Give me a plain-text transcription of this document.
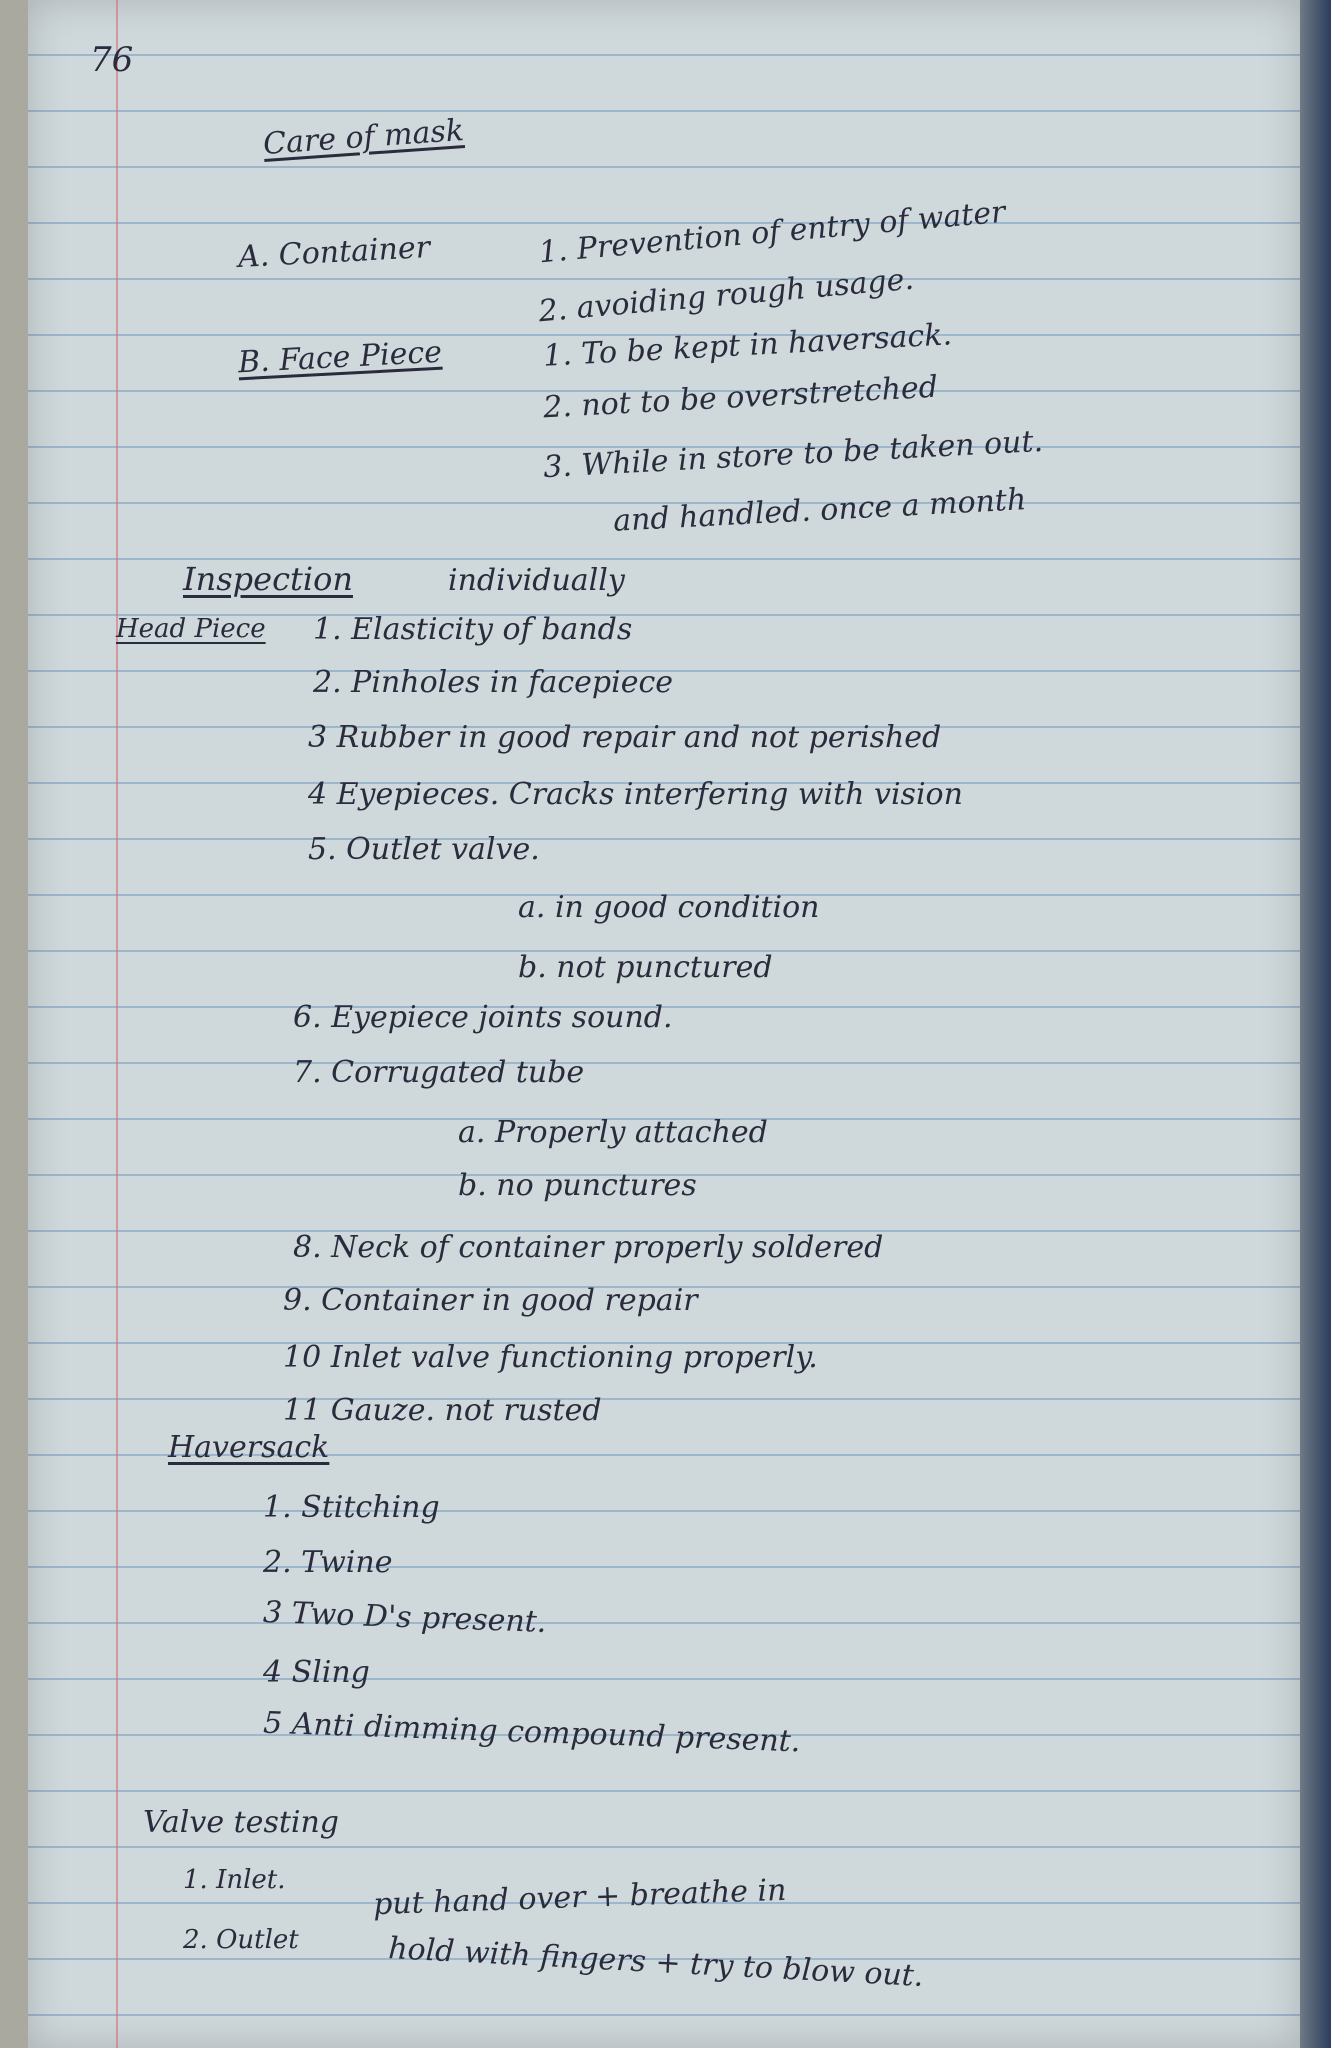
76
Care of mask
A. Container	1. Prevention of entry of water
2. avoiding rough usage.
B. Face Piece	1. To be kept in haversack.
2. not to be overstretched
3. While in store to be taken out.
and handled. once a month
Inspection	individually
Head Piece 1. Elasticity of bands
2. Pinholes in facepiece
3 Rubber in good repair and not perished
4 Eyepieces. Cracks interfering with vision
5. Outlet valve.
a. in good condition
b. not punctured
6. Eyepiece joints sound.
7. Corrugated tube
a. Properly attached
b. no punctures
8. Neck of container properly soldered
9. Container in good repair
10 Inlet valve functioning properly.
11 Gauze. not rusted
Haversack
1. Stitching
2. Twine
3 Two D's present.
4 Sling
5 Anti dimming compound present.
Valve testing
1. Inlet.	put hand over + breathe in
2. Outlet	hold with fingers + try to blow out.
